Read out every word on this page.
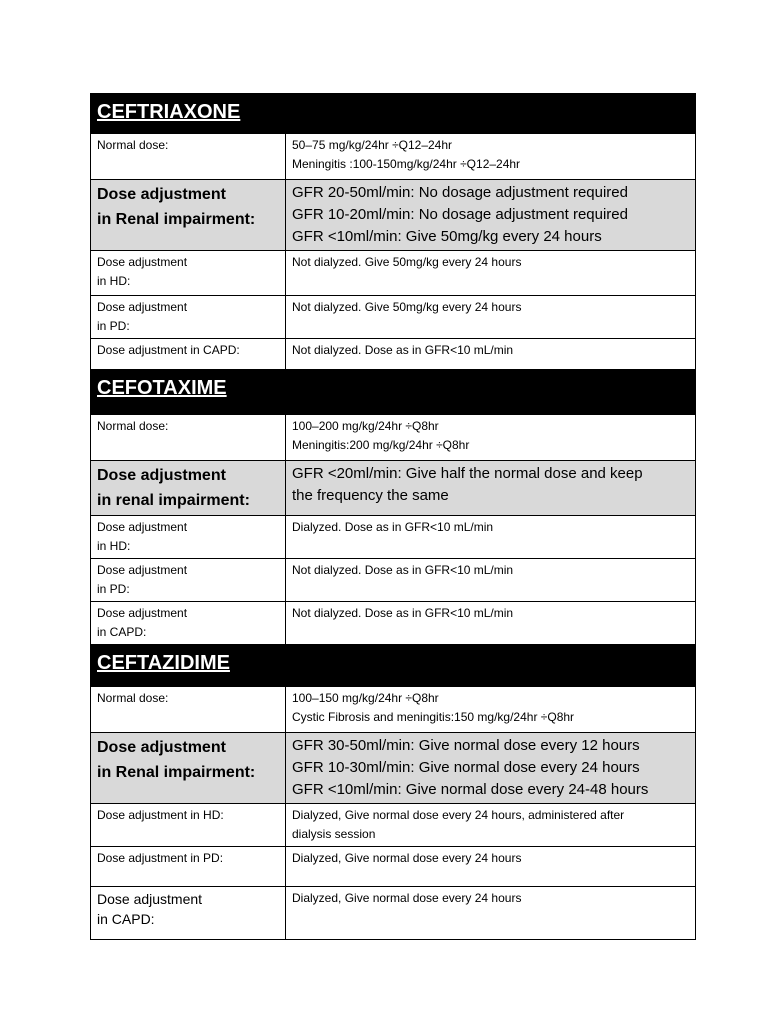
CEFTRIAXONE	

Normal dose:	50–75 mg/kg/24hr ÷Q12–24hr
Meningitis :100-150mg/kg/24hr ÷Q12–24hr

Dose adjustment
in Renal impairment:	GFR 20-50ml/min: No dosage adjustment required
GFR 10-20ml/min: No dosage adjustment required
GFR <10ml/min: Give 50mg/kg every 24 hours

Dose adjustment
in HD:	Not dialyzed. Give 50mg/kg every 24 hours

Dose adjustment
in PD:	Not dialyzed. Give 50mg/kg every 24 hours

Dose adjustment in CAPD:	Not dialyzed. Dose as in GFR<10 mL/min

CEFOTAXIME	

Normal dose:	100–200 mg/kg/24hr ÷Q8hr
Meningitis:200 mg/kg/24hr ÷Q8hr

Dose adjustment
in renal impairment:	GFR <20ml/min: Give half the normal dose and keep
the frequency the same

Dose adjustment
in HD:	Dialyzed. Dose as in GFR<10 mL/min

Dose adjustment
in PD:	Not dialyzed. Dose as in GFR<10 mL/min

Dose adjustment
in CAPD:	Not dialyzed. Dose as in GFR<10 mL/min

CEFTAZIDIME	

Normal dose:	100–150 mg/kg/24hr ÷Q8hr
Cystic Fibrosis and meningitis:150 mg/kg/24hr ÷Q8hr

Dose adjustment
in Renal impairment:	GFR 30-50ml/min: Give normal dose every 12 hours
GFR 10-30ml/min: Give normal dose every 24 hours
GFR <10ml/min: Give normal dose every 24-48 hours

Dose adjustment in HD:	Dialyzed, Give normal dose every 24 hours, administered after
dialysis session

Dose adjustment in PD:	Dialyzed, Give normal dose every 24 hours

Dose adjustment
in CAPD:	Dialyzed, Give normal dose every 24 hours
